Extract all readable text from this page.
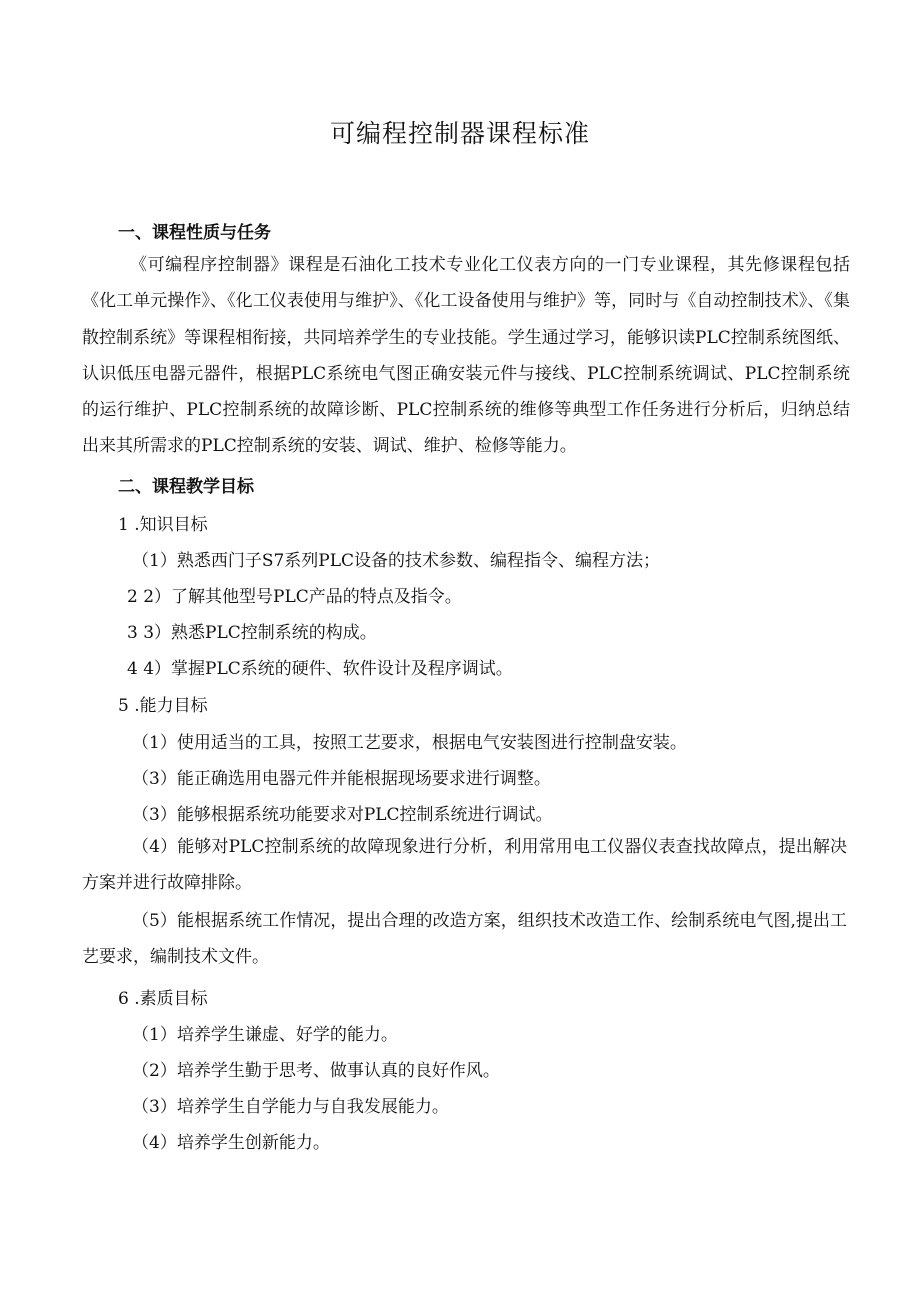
可编程控制器课程标准
一、课程性质与任务

《可编程序控制器》课程是石油化工技术专业化工仪表方向的一门专业课程，其先修课程包括《化工单元操作》、《化工仪表使用与维护》、《化工设备使用与维护》等，同时与《自动控制技术》、《集散控制系统》等课程相衔接，共同培养学生的专业技能。学生通过学习，能够识读PLC控制系统图纸、认识低压电器元器件，根据PLC系统电气图正确安装元件与接线、PLC控制系统调试、PLC控制系统的运行维护、PLC控制系统的故障诊断、PLC控制系统的维修等典型工作任务进行分析后，归纳总结出来其所需求的PLC控制系统的安装、调试、维护、检修等能力。

二、课程教学目标
1 .知识目标
（1）熟悉西门子S7系列PLC设备的技术参数、编程指令、编程方法；
2 2）了解其他型号PLC产品的特点及指令。
3 3）熟悉PLC控制系统的构成。
4 4）掌握PLC系统的硬件、软件设计及程序调试。
5 .能力目标
（1）使用适当的工具，按照工艺要求，根据电气安装图进行控制盘安装。
（3）能正确选用电器元件并能根据现场要求进行调整。
（3）能够根据系统功能要求对PLC控制系统进行调试。

（4）能够对PLC控制系统的故障现象进行分析，利用常用电工仪器仪表查找故障点，提出解决方案并进行故障排除。

（5）能根据系统工作情况，提出合理的改造方案，组织技术改造工作、绘制系统电气图,提出工艺要求，编制技术文件。

6 .素质目标
（1）培养学生谦虚、好学的能力。
（2）培养学生勤于思考、做事认真的良好作风。
（3）培养学生自学能力与自我发展能力。
（4）培养学生创新能力。
